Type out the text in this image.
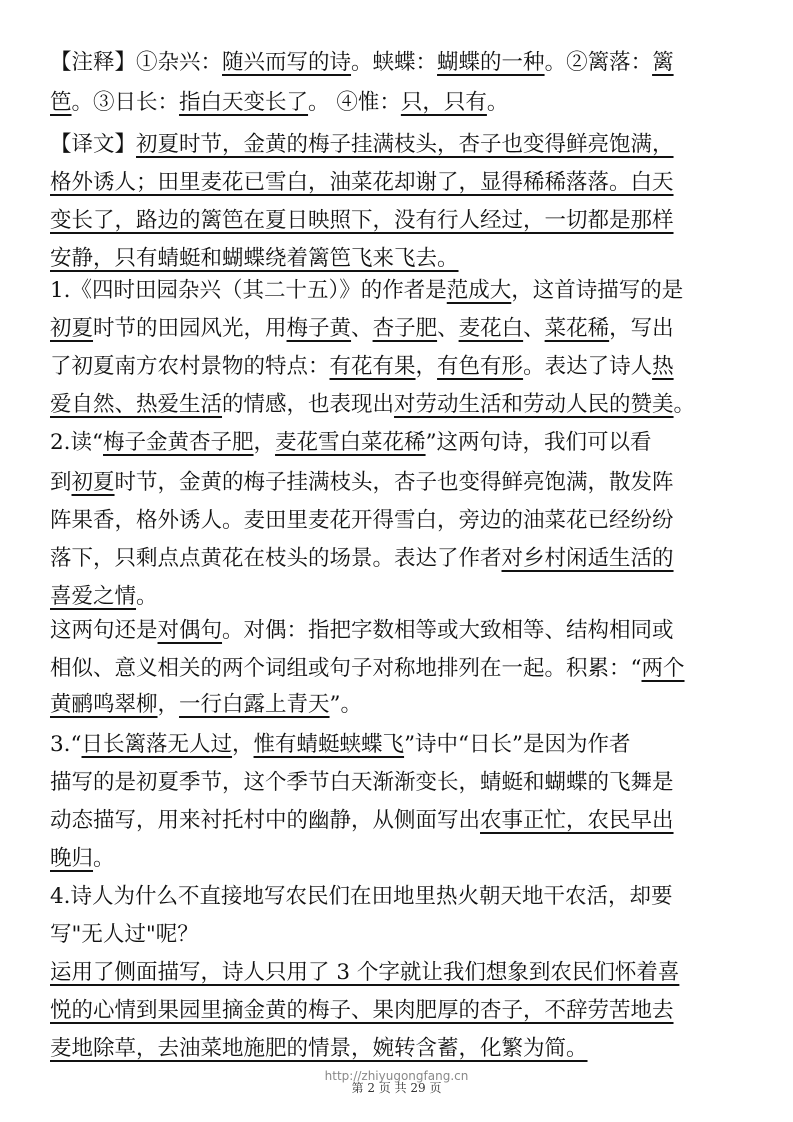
【注释】①杂兴：随兴而写的诗。蛱蝶：蝴蝶的一种。②篱落：篱
笆。③日长：指白天变长了。 ④惟：只，只有。
【译文】初夏时节，金黄的梅子挂满枝头，杏子也变得鲜亮饱满，
格外诱人；田里麦花已雪白，油菜花却谢了，显得稀稀落落。白天
变长了，路边的篱笆在夏日映照下，没有行人经过，一切都是那样
安静，只有蜻蜓和蝴蝶绕着篱笆飞来飞去。
1.《四时田园杂兴（其二十五）》的作者是范成大，这首诗描写的是
初夏时节的田园风光，用梅子黄、杏子肥、麦花白、菜花稀，写出
了初夏南方农村景物的特点：有花有果，有色有形。表达了诗人热
爱自然、热爱生活的情感，也表现出对劳动生活和劳动人民的赞美。
2.读“梅子金黄杏子肥，麦花雪白菜花稀”这两句诗，我们可以看
到初夏时节，金黄的梅子挂满枝头，杏子也变得鲜亮饱满，散发阵
阵果香，格外诱人。麦田里麦花开得雪白，旁边的油菜花已经纷纷
落下，只剩点点黄花在枝头的场景。表达了作者对乡村闲适生活的
喜爱之情。
这两句还是对偶句。对偶：指把字数相等或大致相等、结构相同或
相似、意义相关的两个词组或句子对称地排列在一起。积累：“两个
黄鹂鸣翠柳，一行白露上青天”。
3.“日长篱落无人过，惟有蜻蜓蛱蝶飞”诗中“日长”是因为作者
描写的是初夏季节，这个季节白天渐渐变长，蜻蜓和蝴蝶的飞舞是
动态描写，用来衬托村中的幽静，从侧面写出农事正忙，农民早出
晚归。
4.诗人为什么不直接地写农民们在田地里热火朝天地干农活，却要
写"无人过"呢？
运用了侧面描写，诗人只用了 3 个字就让我们想象到农民们怀着喜
悦的心情到果园里摘金黄的梅子、果肉肥厚的杏子，不辞劳苦地去
麦地除草，去油菜地施肥的情景，婉转含蓄，化繁为简。
http://zhiyugongfang.cn
第 2 页 共 29 页
